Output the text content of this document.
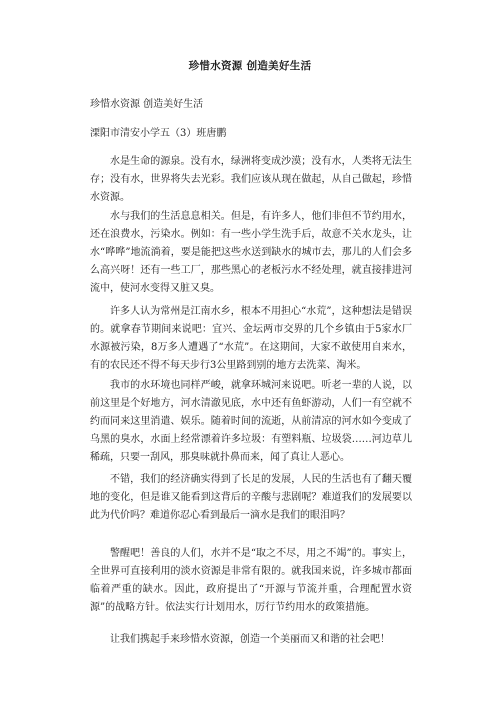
珍惜水资源 创造美好生活
珍惜水资源 创造美好生活
溧阳市清安小学五（3）班唐鹏

水是生命的源泉。没有水，绿洲将变成沙漠；没有水，人类将无法生存；没有水，世界将失去光彩。我们应该从现在做起，从自己做起，珍惜水资源。

水与我们的生活息息相关。但是，有许多人，他们非但不节约用水，还在浪费水，污染水。例如：有一些小学生洗手后，故意不关水龙头，让水“哗哗”地流淌着，要是能把这些水送到缺水的城市去，那儿的人们会多么高兴呀！还有一些工厂，那些黑心的老板污水不经处理，就直接排进河流中，使河水变得又脏又臭。

许多人认为常州是江南水乡，根本不用担心“水荒”，这种想法是错误的。就拿春节期间来说吧：宜兴、金坛两市交界的几个乡镇由于5家水厂水源被污染，8万多人遭遇了“水荒”。在这期间，大家不敢使用自来水，有的农民还不得不每天步行3公里路到别的地方去洗菜、淘米。

我市的水环境也同样严峻，就拿环城河来说吧。听老一辈的人说，以前这里是个好地方，河水清澈见底，水中还有鱼虾游动，人们一有空就不约而同来这里消遣、娱乐。随着时间的流逝，从前清凉的河水如今变成了乌黑的臭水，水面上经常漂着许多垃圾：有塑料瓶、垃圾袋……河边草儿稀疏，只要一刮风，那臭味就扑鼻而来，闻了真让人恶心。

不错，我们的经济确实得到了长足的发展，人民的生活也有了翻天覆地的变化，但是谁又能看到这背后的辛酸与悲剧呢？难道我们的发展要以此为代价吗？难道你忍心看到最后一滴水是我们的眼泪吗？

警醒吧！善良的人们，水并不是“取之不尽，用之不竭”的。事实上，全世界可直接利用的淡水资源是非常有限的。就我国来说，许多城市都面临着严重的缺水。因此，政府提出了“开源与节流并重，合理配置水资源”的战略方针。依法实行计划用水，厉行节约用水的政策措施。

让我们携起手来珍惜水资源，创造一个美丽而又和谐的社会吧！
